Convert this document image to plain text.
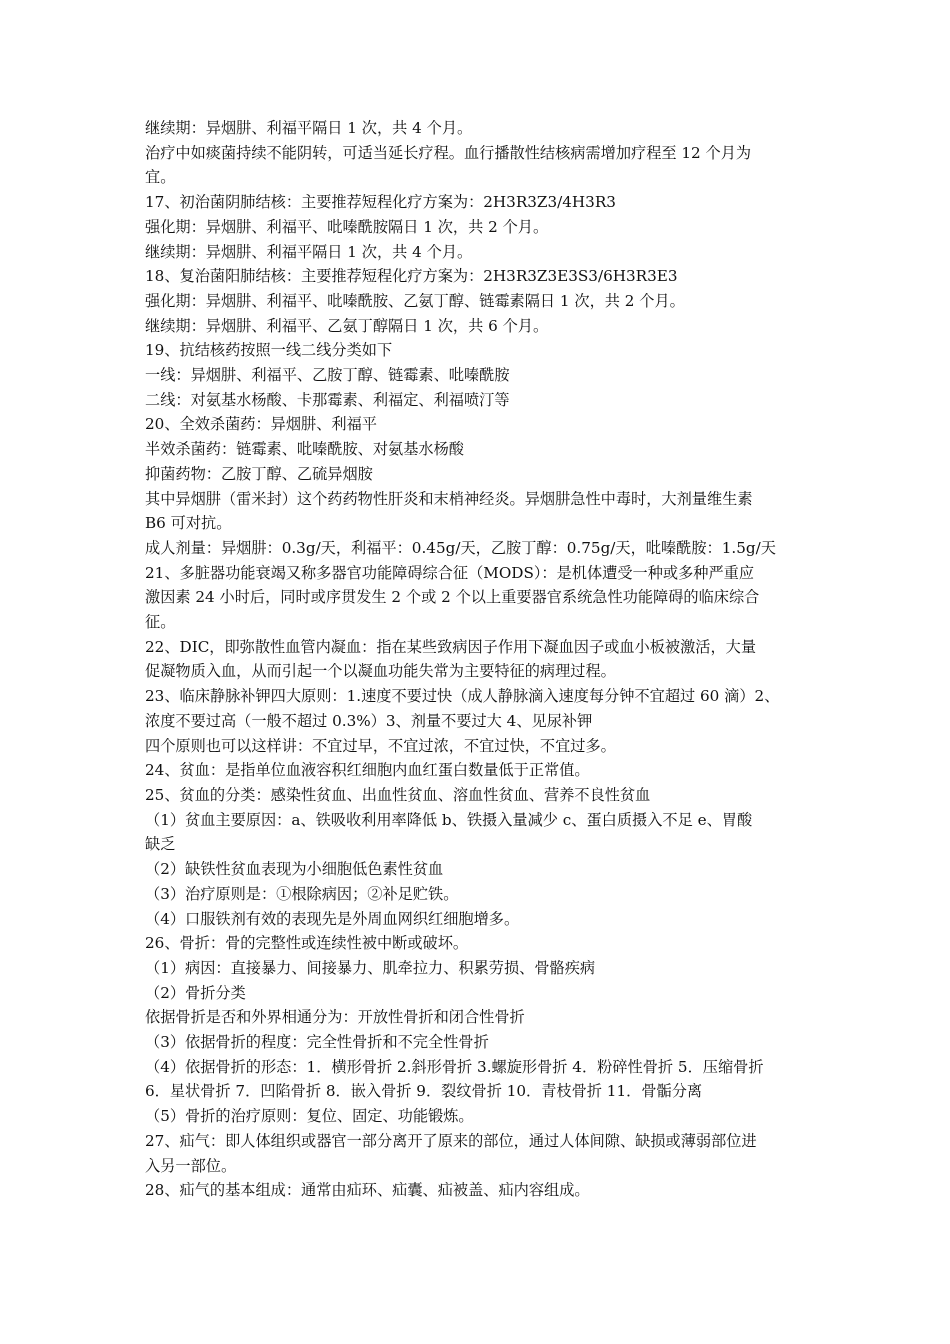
继续期：异烟肼、利福平隔日 1 次，共 4 个月。
治疗中如痰菌持续不能阴转，可适当延长疗程。血行播散性结核病需增加疗程至 12 个月为
宜。
17、初治菌阴肺结核：主要推荐短程化疗方案为：2H3R3Z3/4H3R3
强化期：异烟肼、利福平、吡嗪酰胺隔日 1 次，共 2 个月。
继续期：异烟肼、利福平隔日 1 次，共 4 个月。
18、复治菌阳肺结核：主要推荐短程化疗方案为：2H3R3Z3E3S3/6H3R3E3
强化期：异烟肼、利福平、吡嗪酰胺、乙氨丁醇、链霉素隔日 1 次，共 2 个月。
继续期：异烟肼、利福平、乙氨丁醇隔日 1 次，共 6 个月。
19、抗结核药按照一线二线分类如下
一线：异烟肼、利福平、乙胺丁醇、链霉素、吡嗪酰胺
二线：对氨基水杨酸、卡那霉素、利福定、利福喷汀等
20、全效杀菌药：异烟肼、利福平
半效杀菌药：链霉素、吡嗪酰胺、对氨基水杨酸
抑菌药物：乙胺丁醇、乙硫异烟胺
其中异烟肼（雷米封）这个药药物性肝炎和末梢神经炎。异烟肼急性中毒时，大剂量维生素
B6 可对抗。
成人剂量：异烟肼：0.3g/天，利福平：0.45g/天，乙胺丁醇：0.75g/天，吡嗪酰胺：1.5g/天
21、多脏器功能衰竭又称多器官功能障碍综合征（MODS）：是机体遭受一种或多种严重应
激因素 24 小时后，同时或序贯发生 2 个或 2 个以上重要器官系统急性功能障碍的临床综合
征。
22、DIC，即弥散性血管内凝血：指在某些致病因子作用下凝血因子或血小板被激活，大量
促凝物质入血，从而引起一个以凝血功能失常为主要特征的病理过程。
23、临床静脉补钾四大原则：1.速度不要过快（成人静脉滴入速度每分钟不宜超过 60 滴）2、
浓度不要过高（一般不超过 0.3%）3、剂量不要过大 4、见尿补钾
四个原则也可以这样讲：不宜过早，不宜过浓，不宜过快，不宜过多。
24、贫血：是指单位血液容积红细胞内血红蛋白数量低于正常值。
25、贫血的分类：感染性贫血、出血性贫血、溶血性贫血、营养不良性贫血
（1）贫血主要原因：a、铁吸收利用率降低 b、铁摄入量减少 c、蛋白质摄入不足 e、胃酸
缺乏
（2）缺铁性贫血表现为小细胞低色素性贫血
（3）治疗原则是：①根除病因；②补足贮铁。
（4）口服铁剂有效的表现先是外周血网织红细胞增多。
26、骨折：骨的完整性或连续性被中断或破坏。
（1）病因：直接暴力、间接暴力、肌牵拉力、积累劳损、骨骼疾病
（2）骨折分类
依据骨折是否和外界相通分为：开放性骨折和闭合性骨折
（3）依据骨折的程度：完全性骨折和不完全性骨折
（4）依据骨折的形态：1．横形骨折 2.斜形骨折 3.螺旋形骨折 4．粉碎性骨折 5．压缩骨折
6．星状骨折 7．凹陷骨折 8．嵌入骨折 9．裂纹骨折 10．青枝骨折 11．骨骺分离
（5）骨折的治疗原则：复位、固定、功能锻炼。
27、疝气：即人体组织或器官一部分离开了原来的部位，通过人体间隙、缺损或薄弱部位进
入另一部位。
28、疝气的基本组成：通常由疝环、疝囊、疝被盖、疝内容组成。
